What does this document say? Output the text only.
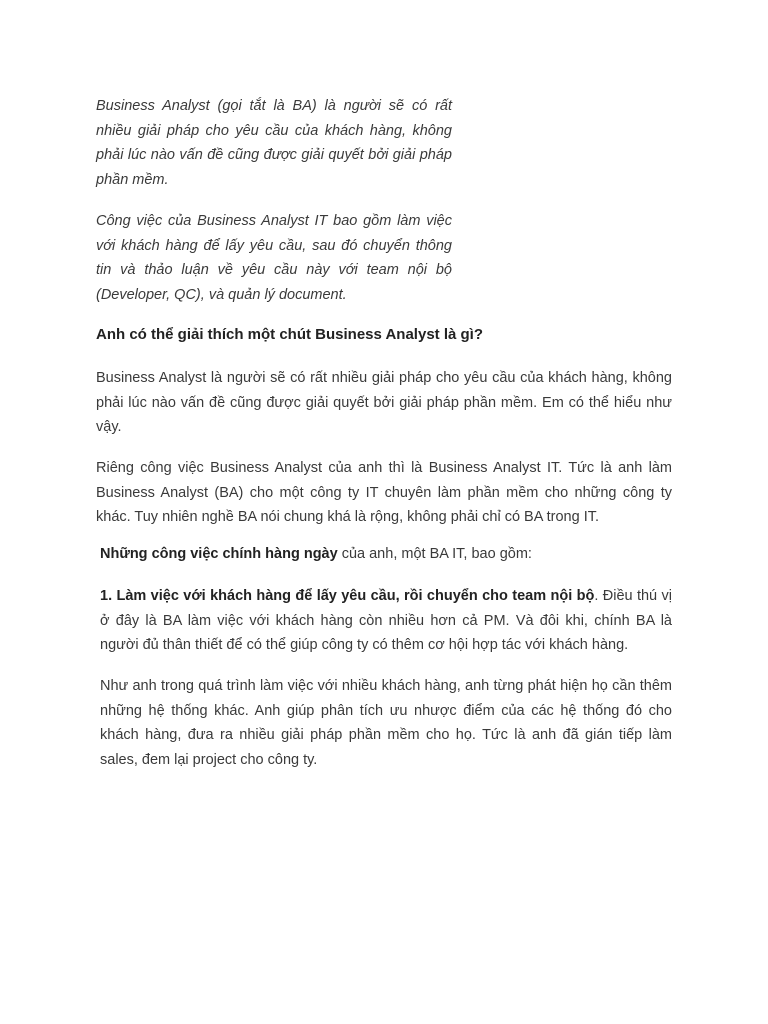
Business Analyst (gọi tắt là BA) là người sẽ có rất nhiều giải pháp cho yêu cầu của khách hàng, không phải lúc nào vấn đề cũng được giải quyết bởi giải pháp phần mềm.

Công việc của Business Analyst IT bao gồm làm việc với khách hàng để lấy yêu cầu, sau đó chuyển thông tin và thảo luận về yêu cầu này với team nội bộ (Developer, QC), và quản lý document.

Anh có thể giải thích một chút Business Analyst là gì?

Business Analyst là người sẽ có rất nhiều giải pháp cho yêu cầu của khách hàng, không phải lúc nào vấn đề cũng được giải quyết bởi giải pháp phần mềm. Em có thể hiểu như vậy.

Riêng công việc Business Analyst của anh thì là Business Analyst IT. Tức là anh làm Business Analyst (BA) cho một công ty IT chuyên làm phần mềm cho những công ty khác. Tuy nhiên nghề BA nói chung khá là rộng, không phải chỉ có BA trong IT.

Những công việc chính hàng ngày của anh, một BA IT, bao gồm:

1. Làm việc với khách hàng để lấy yêu cầu, rồi chuyển cho team nội bộ. Điều thú vị ở đây là BA làm việc với khách hàng còn nhiều hơn cả PM. Và đôi khi, chính BA là người đủ thân thiết để có thể giúp công ty có thêm cơ hội hợp tác với khách hàng.

Như anh trong quá trình làm việc với nhiều khách hàng, anh từng phát hiện họ cần thêm những hệ thống khác. Anh giúp phân tích ưu nhược điểm của các hệ thống đó cho khách hàng, đưa ra nhiều giải pháp phần mềm cho họ. Tức là anh đã gián tiếp làm sales, đem lại project cho công ty.
